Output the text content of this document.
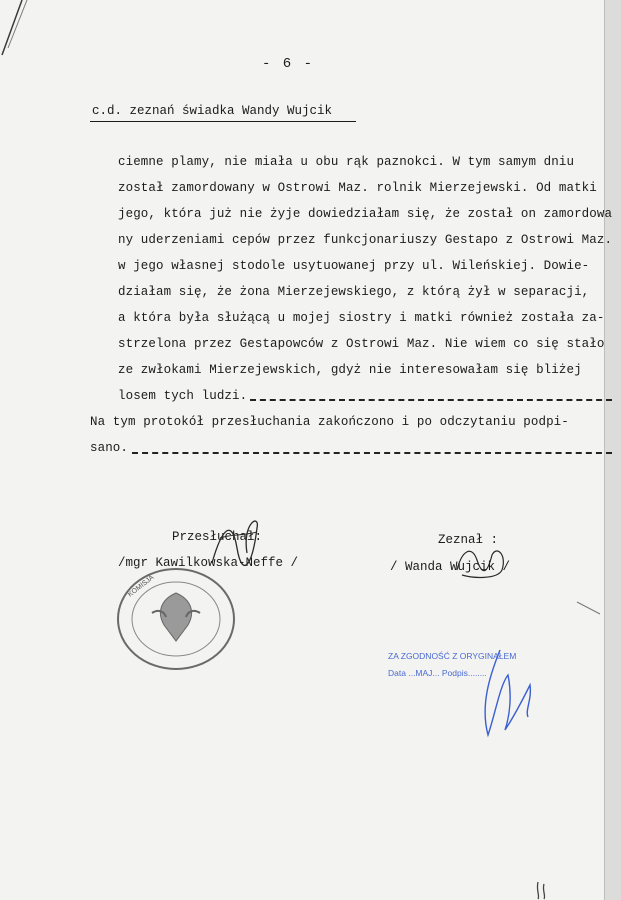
- 6 -
c.d. zeznań świadka Wandy Wujcik
ciemne plamy, nie miała u obu rąk paznokci. W tym samym dniu
został zamordowany w Ostrowi Maz. rolnik Mierzejewski. Od matki
jego, która już nie żyje dowiedziałam się, że został on zamordowa
ny uderzeniami cepów przez funkcjonariuszy Gestapo z Ostrowi Maz.
w jego własnej stodole usytuowanej przy ul. Wileńskiej. Dowie-
działam się, że żona Mierzejewskiego, z którą żył w separacji,
a która była służącą u mojej siostry i matki również została za-
strzelona przez Gestapowców z Ostrowi Maz. Nie wiem co się stało
ze zwłokami Mierzejewskich, gdyż nie interesowałam się bliżej
losem tych ludzi.
Na tym protokół przesłuchania zakończono i po odczytaniu podpi-
sano.
Przesłuchał:
/mgr Kawilkowska-Neffe /
Zeznał :
/ Wanda Wujcik /
KOMISJA
ZA ZGODNOŚĆ Z ORYGINAŁEM
Data ...MAJ... Podpis........
